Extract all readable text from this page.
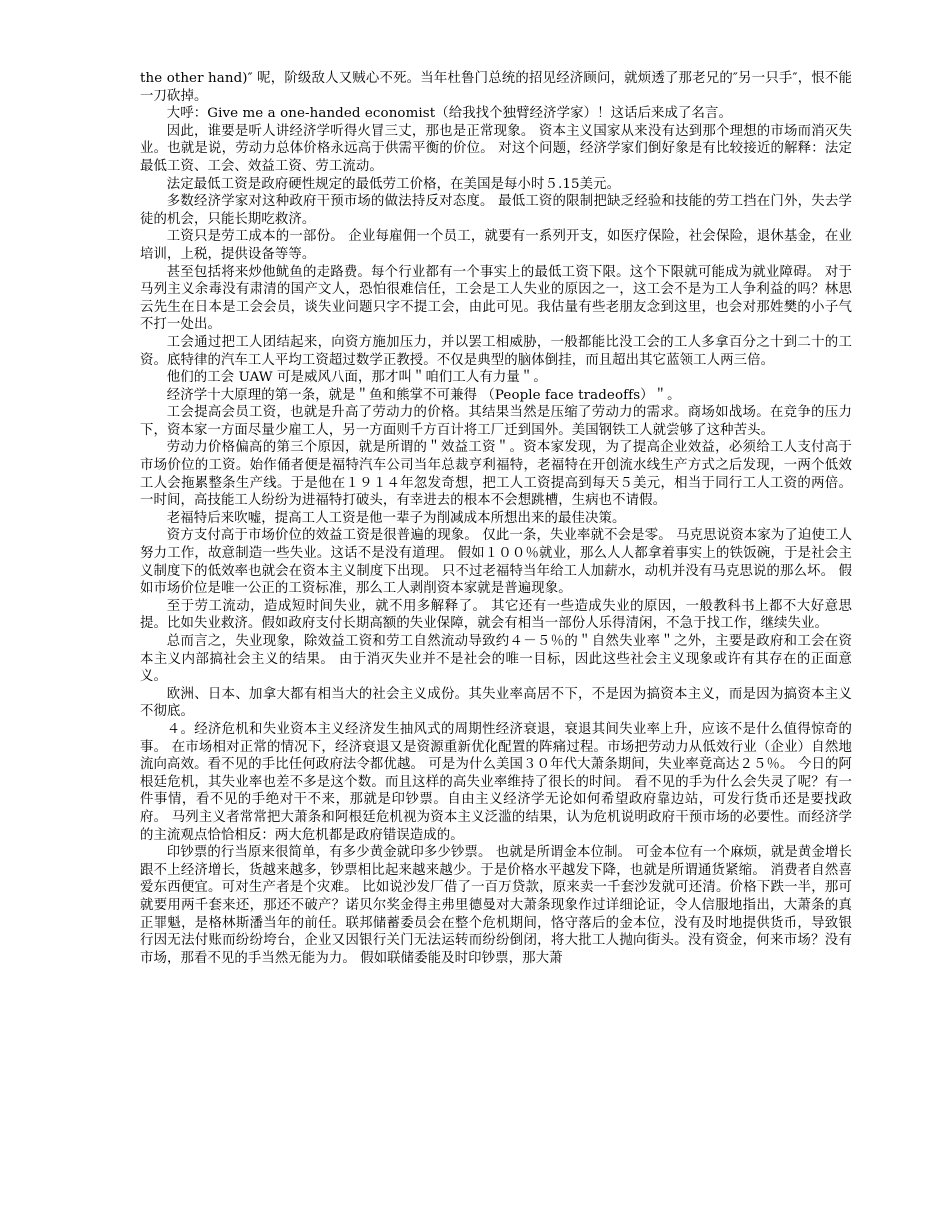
the other hand)″ 呢，阶级敌人又贼心不死。当年杜鲁门总统的招见经济顾问，就烦透了那老兄的″另一只手″，恨不能一刀砍掉。

大呼：Give me a one-handed economist（给我找个独臂经济学家）！这话后来成了名言。

因此，谁要是听人讲经济学听得火冒三丈，那也是正常现象。 资本主义国家从来没有达到那个理想的市场而消灭失业。也就是说，劳动力总体价格永远高于供需平衡的价位。 对这个问题，经济学家们倒好象是有比较接近的解释：法定最低工资、工会、效益工资、劳工流动。

法定最低工资是政府硬性规定的最低劳工价格，在美国是每小时５.15美元。

多数经济学家对这种政府干预市场的做法持反对态度。 最低工资的限制把缺乏经验和技能的劳工挡在门外，失去学徒的机会，只能长期吃救济。

工资只是劳工成本的一部份。 企业每雇佣一个员工，就要有一系列开支，如医疗保险，社会保险，退休基金，在业培训，上税，提供设备等等。

甚至包括将来炒他鱿鱼的走路费。每个行业都有一个事实上的最低工资下限。这个下限就可能成为就业障碍。 对于马列主义余毒没有肃清的国产文人，恐怕很难信任，工会是工人失业的原因之一，这工会不是为工人争利益的吗？林思云先生在日本是工会会员，谈失业问题只字不提工会，由此可见。我估量有些老朋友念到这里，也会对那姓樊的小子气不打一处出。

工会通过把工人团结起来，向资方施加压力，并以罢工相威胁，一般都能比没工会的工人多拿百分之十到二十的工资。底特律的汽车工人平均工资超过数学正教授。不仅是典型的脑体倒挂，而且超出其它蓝领工人两三倍。

他们的工会 UAW 可是威风八面，那才叫＂咱们工人有力量＂。

经济学十大原理的第一条，就是＂鱼和熊掌不可兼得 （People face tradeoffs）＂。

工会提高会员工资，也就是升高了劳动力的价格。其结果当然是压缩了劳动力的需求。商场如战场。在竞争的压力下，资本家一方面尽量少雇工人，另一方面则千方百计将工厂迁到国外。美国钢铁工人就尝够了这种苦头。

劳动力价格偏高的第三个原因，就是所谓的＂效益工资＂。资本家发现，为了提高企业效益，必须给工人支付高于市场价位的工资。始作俑者便是福特汽车公司当年总裁亨利福特，老福特在开创流水线生产方式之后发现，一两个低效工人会拖累整条生产线。于是他在１９１４年忽发奇想，把工人工资提高到每天５美元，相当于同行工人工资的两倍。 一时间，高技能工人纷纷为进福特打破头，有幸进去的根本不会想跳槽，生病也不请假。

老福特后来吹嘘，提高工人工资是他一辈子为削减成本所想出来的最佳决策。

资方支付高于市场价位的效益工资是很普遍的现象。 仅此一条，失业率就不会是零。 马克思说资本家为了迫使工人努力工作，故意制造一些失业。这话不是没有道理。 假如１００％就业，那么人人都拿着事实上的铁饭碗，于是社会主义制度下的低效率也就会在资本主义制度下出现。 只不过老福特当年给工人加薪水，动机并没有马克思说的那么坏。 假如市场价位是唯一公正的工资标准，那么工人剥削资本家就是普遍现象。

至于劳工流动，造成短时间失业，就不用多解释了。 其它还有一些造成失业的原因，一般教科书上都不大好意思提。比如失业救济。假如政府支付长期高额的失业保障，就会有相当一部份人乐得清闲，不急于找工作，继续失业。

总而言之，失业现象，除效益工资和劳工自然流动导致约４－５％的＂自然失业率＂之外，主要是政府和工会在资本主义内部搞社会主义的结果。 由于消灭失业并不是社会的唯一目标，因此这些社会主义现象或许有其存在的正面意义。

欧洲、日本、加拿大都有相当大的社会主义成份。其失业率高居不下，不是因为搞资本主义，而是因为搞资本主义不彻底。

４。经济危机和失业资本主义经济发生抽风式的周期性经济衰退，衰退其间失业率上升，应该不是什么值得惊奇的事。 在市场相对正常的情况下，经济衰退又是资源重新优化配置的阵痛过程。市场把劳动力从低效行业（企业）自然地流向高效。看不见的手比任何政府法令都优越。 可是为什么美国３０年代大萧条期间，失业率竟高达２５％。 今日的阿根廷危机，其失业率也差不多是这个数。而且这样的高失业率维持了很长的时间。 看不见的手为什么会失灵了呢？有一件事情，看不见的手绝对干不来，那就是印钞票。自由主义经济学无论如何希望政府靠边站，可发行货币还是要找政府。 马列主义者常常把大萧条和阿根廷危机视为资本主义泛滥的结果，认为危机说明政府干预市场的必要性。而经济学的主流观点恰恰相反：两大危机都是政府错误造成的。

印钞票的行当原来很简单，有多少黄金就印多少钞票。 也就是所谓金本位制。 可金本位有一个麻烦，就是黄金增长跟不上经济增长，货越来越多，钞票相比起来越来越少。于是价格水平越发下降，也就是所谓通货紧缩。 消费者自然喜爱东西便宜。可对生产者是个灾难。 比如说沙发厂借了一百万贷款，原来卖一千套沙发就可还清。价格下跌一半，那可就要用两千套来还，那还不破产？诺贝尔奖金得主弗里德曼对大萧条现象作过详细论证，令人信服地指出，大萧条的真正罪魁，是格林斯潘当年的前任。联邦储蓄委员会在整个危机期间，恪守落后的金本位，没有及时地提供货币，导致银行因无法付账而纷纷垮台，企业又因银行关门无法运转而纷纷倒闭，将大批工人抛向街头。没有资金，何来市场？没有市场，那看不见的手当然无能为力。 假如联储委能及时印钞票，那大萧
